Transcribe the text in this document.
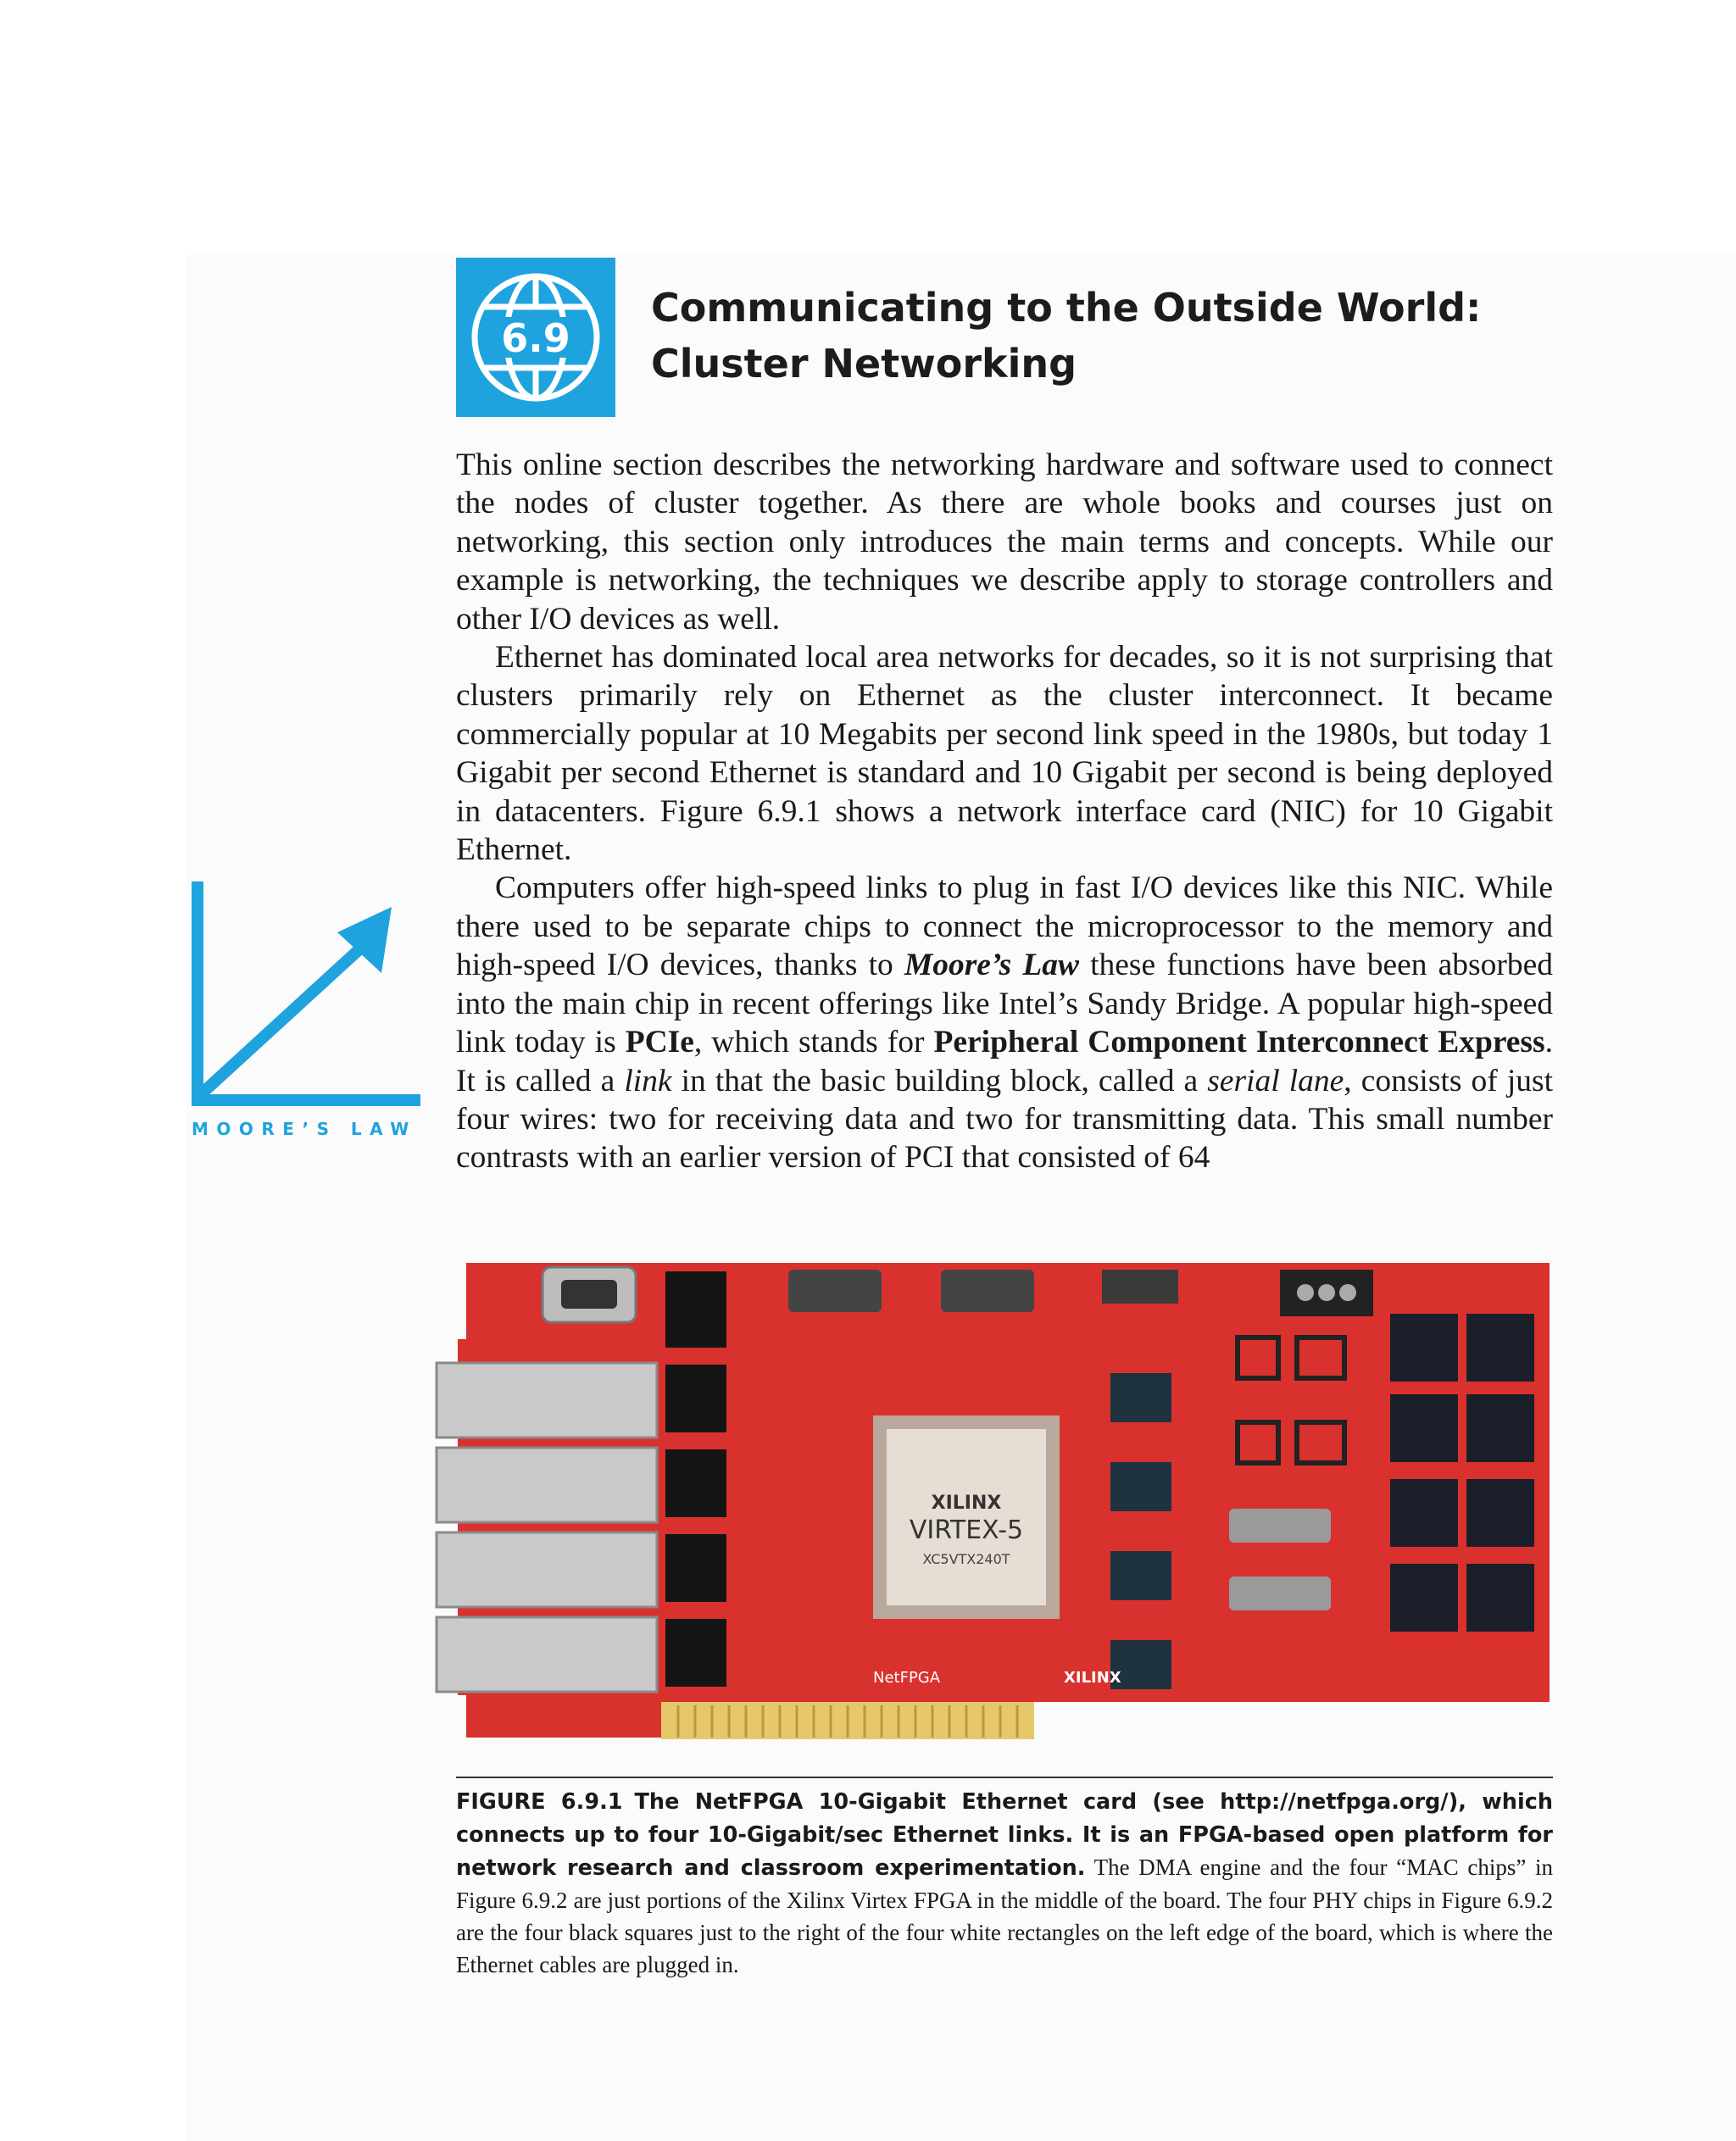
6.9
Communicating to the Outside World:
Cluster Networking

This online section describes the networking hardware and software used to connect the nodes of cluster together. As there are whole books and courses just on networking, this section only introduces the main terms and concepts. While our example is networking, the techniques we describe apply to storage controllers and other I/O devices as well.

Ethernet has dominated local area networks for decades, so it is not surprising that clusters primarily rely on Ethernet as the cluster interconnect. It became commercially popular at 10 Megabits per second link speed in the 1980s, but today 1 Gigabit per second Ethernet is standard and 10 Gigabit per second is being deployed in datacenters. Figure 6.9.1 shows a network interface card (NIC) for 10 Gigabit Ethernet.

Computers offer high-speed links to plug in fast I/O devices like this NIC. While there used to be separate chips to connect the microprocessor to the memory and high-speed I/O devices, thanks to Moore’s Law these functions have been absorbed into the main chip in recent offerings like Intel’s Sandy Bridge. A popular high-speed link today is PCIe, which stands for Peripheral Component Interconnect Express. It is called a link in that the basic building block, called a serial lane, consists of just four wires: two for receiving data and two for transmitting data. This small number contrasts with an earlier version of PCI that consisted of 64

MOORE’S LAW
XILINX
VIRTEX-5
XC5VTX240T
NetFPGA	XILINX
FIGURE 6.9.1 The NetFPGA 10-Gigabit Ethernet card (see http://netfpga.org/), which connects up to four 10-Gigabit/sec Ethernet links. It is an FPGA-based open platform for network research and classroom experimentation. The DMA engine and the four “MAC chips” in Figure 6.9.2 are just portions of the Xilinx Virtex FPGA in the middle of the board. The four PHY chips in Figure 6.9.2 are the four black squares just to the right of the four white rectangles on the left edge of the board, which is where the Ethernet cables are plugged in.
